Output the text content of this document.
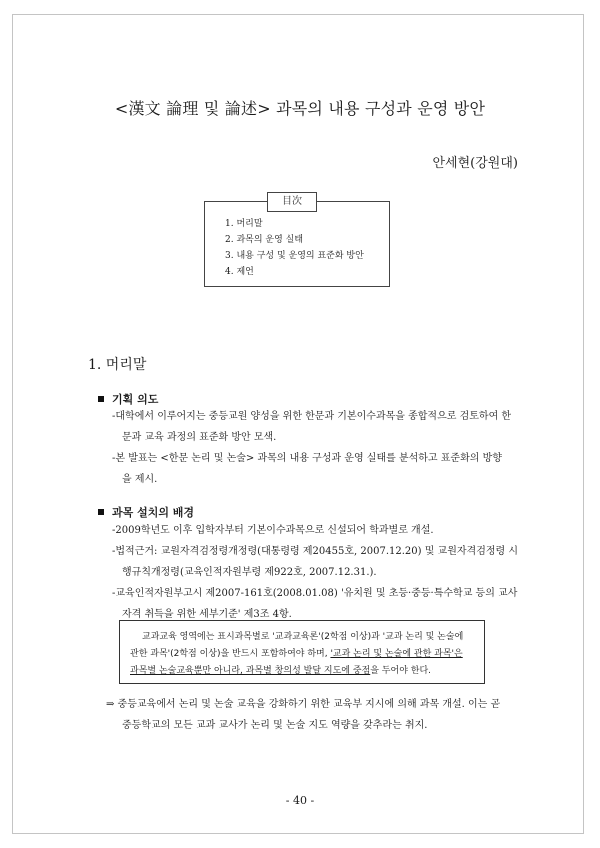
<漢文 論理 및 論述> 과목의 내용 구성과 운영 방안
안세현(강원대)
目次
1. 머리말
2. 과목의 운영 실태
3. 내용 구성 및 운영의 표준화 방안
4. 제언
1. 머리말
기획 의도
-대학에서 이루어지는 중등교원 양성을 위한 한문과 기본이수과목을 종합적으로 검토하여 한
문과 교육 과정의 표준화 방안 모색.
-본 발표는 <한문 논리 및 논술> 과목의 내용 구성과 운영 실태를 분석하고 표준화의 방향
을 제시.
과목 설치의 배경
-2009학년도 이후 입학자부터 기본이수과목으로 신설되어 학과별로 개설.
-법적근거: 교원자격검정령개정령(대통령령 제20455호, 2007.12.20) 및 교원자격검정령 시
행규칙개정령(교육인적자원부령 제922호, 2007.12.31.).
-교육인적자원부고시 제2007-161호(2008.01.08) '유치원 및 초등·중등·특수학교 등의 교사
자격 취득을 위한 세부기준' 제3조 4항.
교과교육 영역에는 표시과목별로 '교과교육론'(2학점 이상)과 '교과 논리 및 논술에
관한 과목'(2학점 이상)을 반드시 포함하여야 하며, '교과 논리 및 논술에 관한 과목'은
과목별 논술교육뿐만 아니라, 과목별 창의성 발달 지도에 중점을 두어야 한다.
⇒ 중등교육에서 논리 및 논술 교육을 강화하기 위한 교육부 지시에 의해 과목 개설. 이는 곧
중등학교의 모든 교과 교사가 논리 및 논술 지도 역량을 갖추라는 취지.
- 40 -
